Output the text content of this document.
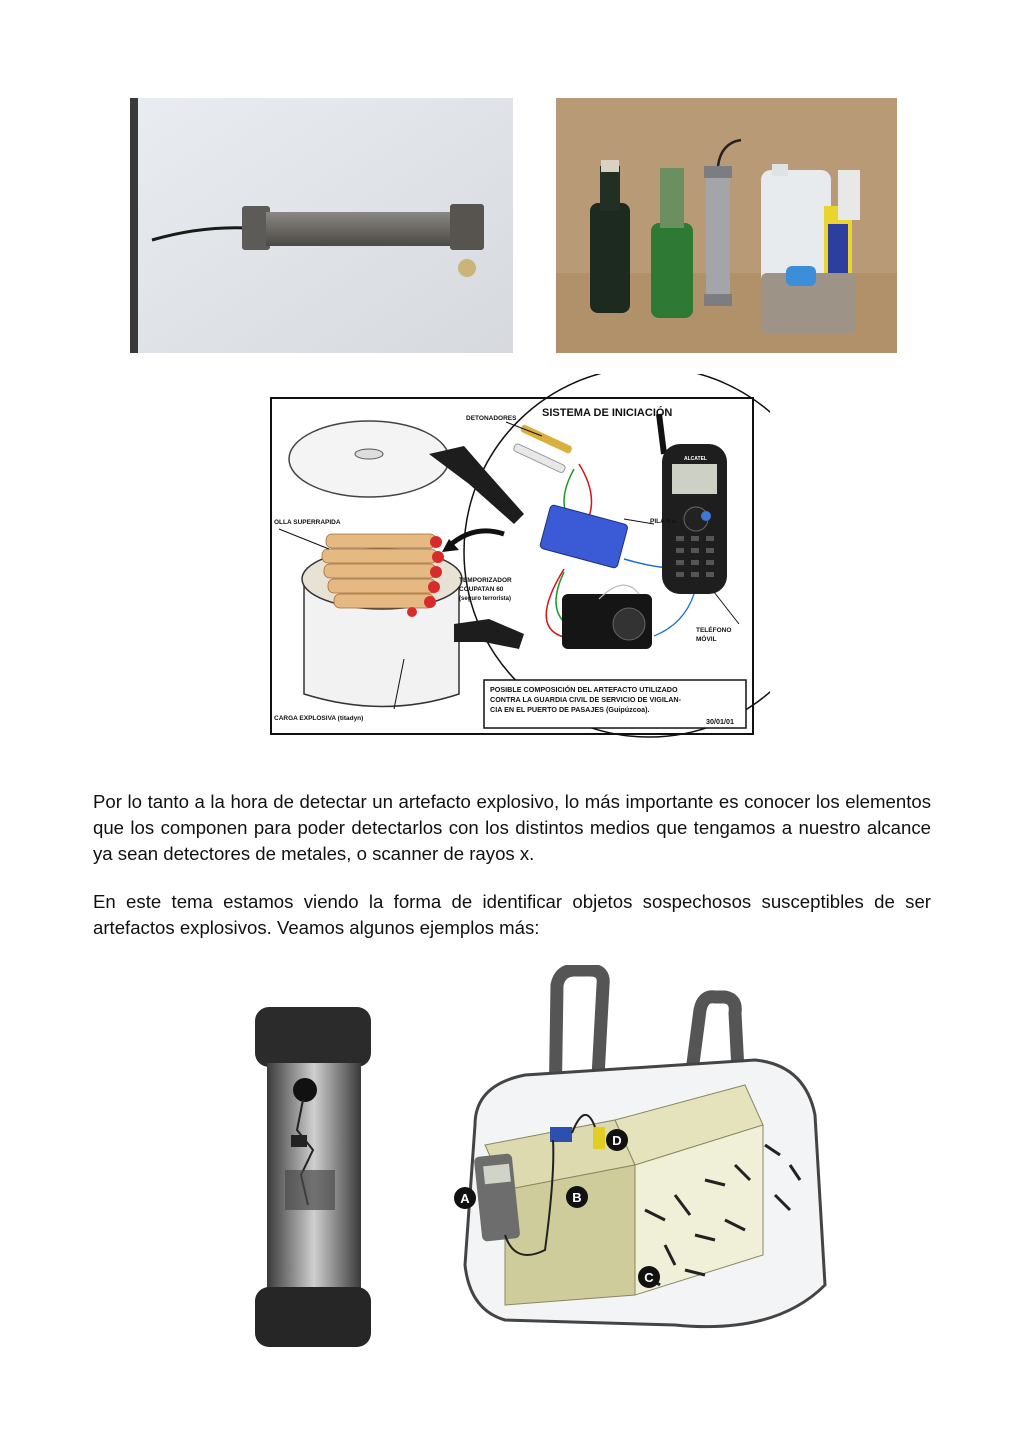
SISTEMA DE INICIACIÓN
DETONADORES
OLLA SUPERRAPIDA	PILA 9 v.
TEMPORIZADOR
COUPATAN 60
(seguro terrorista)
TELÉFONO
MÓVIL
CARGA EXPLOSIVA (titadyn)
ALCATEL
POSIBLE COMPOSICIÓN DEL ARTEFACTO UTILIZADO
CONTRA LA GUARDIA CIVIL DE SERVICIO DE VIGILAN-
CIA EN EL PUERTO DE PASAJES (Guipúzcoa).
30/01/01

Por lo tanto a la hora de detectar un artefacto explosivo, lo más importante es conocer los elementos que los componen para poder detectarlos con los distintos medios que tengamos a nuestro alcance ya sean detectores de metales, o scanner de rayos x.

En este tema estamos viendo la forma de identificar objetos sospechosos susceptibles de ser artefactos explosivos. Veamos algunos ejemplos más:

A	B
C
D
